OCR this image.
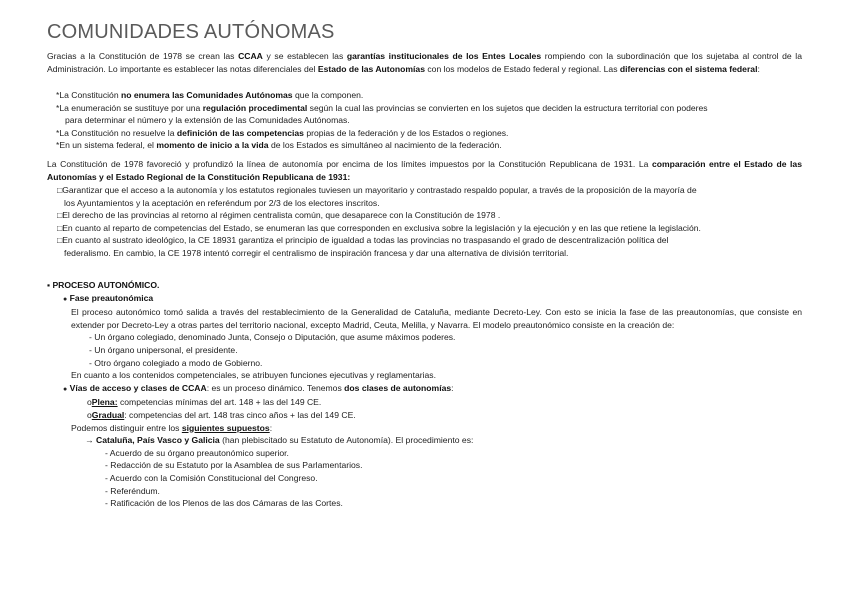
COMUNIDADES AUTÓNOMAS

Gracias a la Constitución de 1978 se crean las CCAA y se establecen las garantías institucionales de los Entes Locales rompiendo con la subordinación que los sujetaba al control de la Administración. Lo importante es establecer las notas diferenciales del Estado de las Autonomías con los modelos de Estado federal y regional. Las diferencias con el sistema federal:

*La Constitución no enumera las Comunidades Autónomas que la componen.

*La enumeración se sustituye por una regulación procedimental según la cual las provincias se convierten en los sujetos que deciden la estructura territorial con poderes

para determinar el número y la extensión de las Comunidades Autónomas.

*La Constitución no resuelve la definición de las competencias propias de la federación y de los Estados o regiones.

*En un sistema federal, el momento de inicio a la vida de los Estados es simultáneo al nacimiento de la federación.

La Constitución de 1978 favoreció y profundizó la línea de autonomía por encima de los límites impuestos por la Constitución Republicana de 1931. La comparación entre el Estado de las Autonomías y el Estado Regional de la Constitución Republicana de 1931:

□Garantizar que el acceso a la autonomía y los estatutos regionales tuviesen un mayoritario y contrastado respaldo popular, a través de la proposición de la mayoría de

los Ayuntamientos y la aceptación en referéndum por 2/3 de los electores inscritos.

□El derecho de las provincias al retorno al régimen centralista común, que desaparece con la Constitución de 1978 .

□En cuanto al reparto de competencias del Estado, se enumeran las que corresponden en exclusiva sobre la legislación y la ejecución y en las que retiene la legislación.

□En cuanto al sustrato ideológico, la CE 18931 garantiza el principio de igualdad a todas las provincias no traspasando el grado de descentralización política del

federalismo. En cambio, la CE 1978 intentó corregir el centralismo de inspiración francesa y dar una alternativa de división territorial.

▪ PROCESO AUTONÓMICO.

● Fase preautonómica

El proceso autonómico tomó salida a través del restablecimiento de la Generalidad de Cataluña, mediante Decreto-Ley. Con esto se inicia la fase de las preautonomías, que consiste en extender por Decreto-Ley a otras partes del territorio nacional, excepto Madrid, Ceuta, Melilla, y Navarra. El modelo preautonómico consiste en la creación de:

- Un órgano colegiado, denominado Junta, Consejo o Diputación, que asume máximos poderes.

- Un órgano unipersonal, el presidente.

- Otro órgano colegiado a modo de Gobierno.

En cuanto a los contenidos competenciales, se atribuyen funciones ejecutivas y reglamentarias.

● Vías de acceso y clases de CCAA: es un proceso dinámico. Tenemos dos clases de autonomías:

oPlena: competencias mínimas del art. 148 + las del 149 CE.

oGradual: competencias del art. 148 tras cinco años + las del 149 CE.

Podemos distinguir entre los siguientes supuestos:

→ Cataluña, País Vasco y Galicia (han plebiscitado su Estatuto de Autonomía). El procedimiento es:

- Acuerdo de su órgano preautonómico superior.

- Redacción de su Estatuto por la Asamblea de sus Parlamentarios.

- Acuerdo con la Comisión Constitucional del Congreso.

- Referéndum.

- Ratificación de los Plenos de las dos Cámaras de las Cortes.
